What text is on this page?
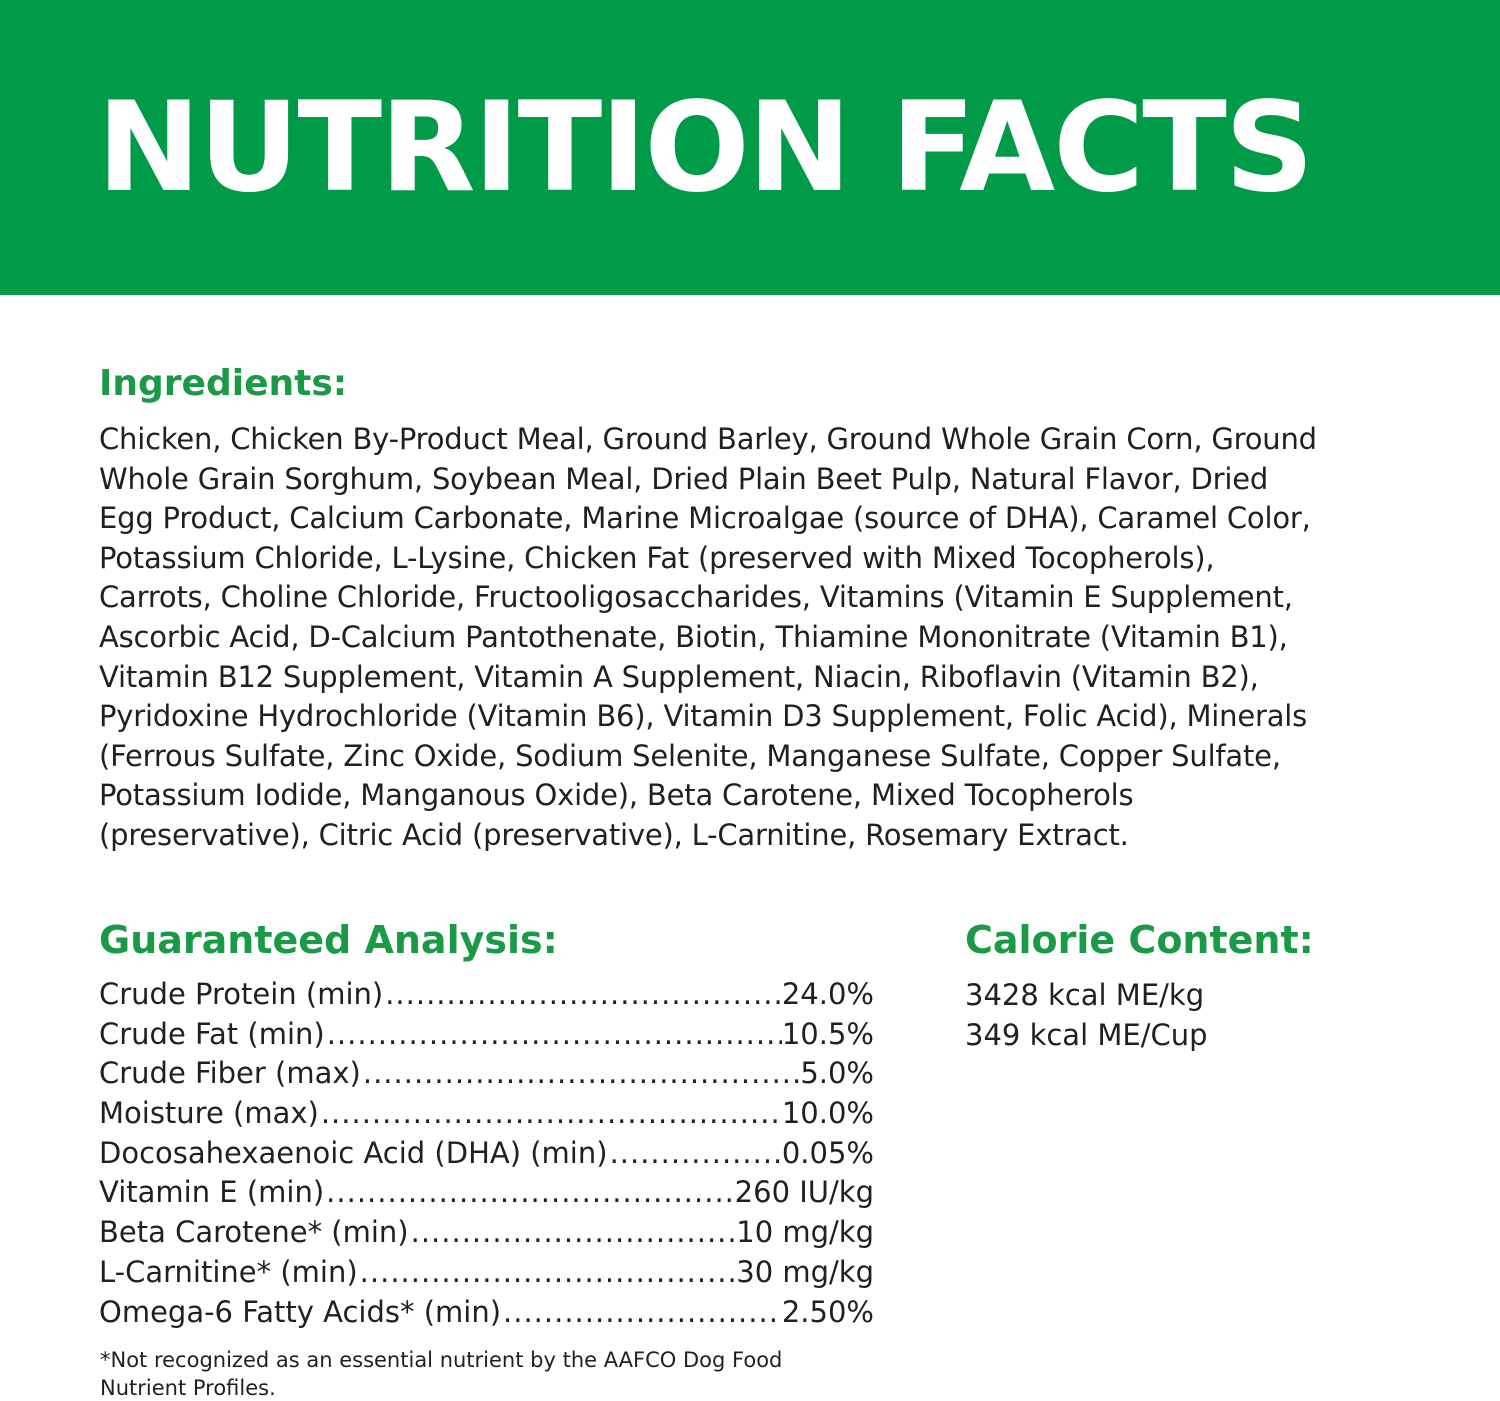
NUTRITION FACTS
Ingredients:
Chicken, Chicken By-Product Meal, Ground Barley, Ground Whole Grain Corn, Ground
Whole Grain Sorghum, Soybean Meal, Dried Plain Beet Pulp, Natural Flavor, Dried
Egg Product, Calcium Carbonate, Marine Microalgae (source of DHA), Caramel Color,
Potassium Chloride, L-Lysine, Chicken Fat (preserved with Mixed Tocopherols),
Carrots, Choline Chloride, Fructooligosaccharides, Vitamins (Vitamin E Supplement,
Ascorbic Acid, D-Calcium Pantothenate, Biotin, Thiamine Mononitrate (Vitamin B1),
Vitamin B12 Supplement, Vitamin A Supplement, Niacin, Riboflavin (Vitamin B2),
Pyridoxine Hydrochloride (Vitamin B6), Vitamin D3 Supplement, Folic Acid), Minerals
(Ferrous Sulfate, Zinc Oxide, Sodium Selenite, Manganese Sulfate, Copper Sulfate,
Potassium Iodide, Manganous Oxide), Beta Carotene, Mixed Tocopherols
(preservative), Citric Acid (preservative), L-Carnitine, Rosemary Extract.
Guaranteed Analysis:
Crude Protein (min) .....	24.0%
Crude Fat (min) .....	10.5%
Crude Fiber (max) .....	5.0%
Moisture (max) .....	10.0%
Docosahexaenoic Acid (DHA) (min) .....	0.05%
Vitamin E (min) .....	260 IU/kg
Beta Carotene* (min) .....	10 mg/kg
L-Carnitine* (min) .....	30 mg/kg
Omega-6 Fatty Acids* (min) .....	2.50%
Calorie Content:
3428 kcal ME/kg
349 kcal ME/Cup
*Not recognized as an essential nutrient by the AAFCO Dog Food
Nutrient Profiles.
